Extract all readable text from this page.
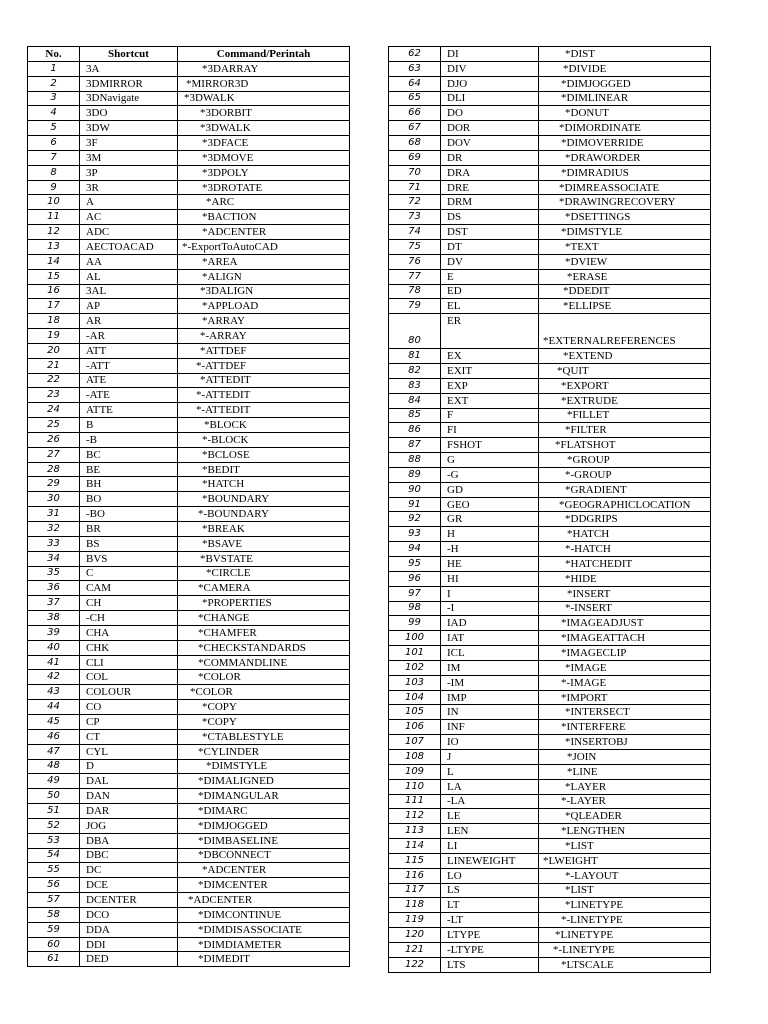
No.	Shortcut	Command/Perintah
1	3A	*3DARRAY
2	3DMIRROR	*MIRROR3D
3	3DNavigate	*3DWALK
4	3DO	*3DORBIT
5	3DW	*3DWALK
6	3F	*3DFACE
7	3M	*3DMOVE
8	3P	*3DPOLY
9	3R	*3DROTATE
10	A	*ARC
11	AC	*BACTION
12	ADC	*ADCENTER
13	AECTOACAD	*-ExportToAutoCAD
14	AA	*AREA
15	AL	*ALIGN
16	3AL	*3DALIGN
17	AP	*APPLOAD
18	AR	*ARRAY
19	-AR	*-ARRAY
20	ATT	*ATTDEF
21	-ATT	*-ATTDEF
22	ATE	*ATTEDIT
23	-ATE	*-ATTEDIT
24	ATTE	*-ATTEDIT
25	B	*BLOCK
26	-B	*-BLOCK
27	BC	*BCLOSE
28	BE	*BEDIT
29	BH	*HATCH
30	BO	*BOUNDARY
31	-BO	*-BOUNDARY
32	BR	*BREAK
33	BS	*BSAVE
34	BVS	*BVSTATE
35	C	*CIRCLE
36	CAM	*CAMERA
37	CH	*PROPERTIES
38	-CH	*CHANGE
39	CHA	*CHAMFER
40	CHK	*CHECKSTANDARDS
41	CLI	*COMMANDLINE
42	COL	*COLOR
43	COLOUR	*COLOR
44	CO	*COPY
45	CP	*COPY
46	CT	*CTABLESTYLE
47	CYL	*CYLINDER
48	D	*DIMSTYLE
49	DAL	*DIMALIGNED
50	DAN	*DIMANGULAR
51	DAR	*DIMARC
52	JOG	*DIMJOGGED
53	DBA	*DIMBASELINE
54	DBC	*DBCONNECT
55	DC	*ADCENTER
56	DCE	*DIMCENTER
57	DCENTER	*ADCENTER
58	DCO	*DIMCONTINUE
59	DDA	*DIMDISASSOCIATE
60	DDI	*DIMDIAMETER
61	DED	*DIMEDIT
62	DI	*DIST
63	DIV	*DIVIDE
64	DJO	*DIMJOGGED
65	DLI	*DIMLINEAR
66	DO	*DONUT
67	DOR	*DIMORDINATE
68	DOV	*DIMOVERRIDE
69	DR	*DRAWORDER
70	DRA	*DIMRADIUS
71	DRE	*DIMREASSOCIATE
72	DRM	*DRAWINGRECOVERY
73	DS	*DSETTINGS
74	DST	*DIMSTYLE
75	DT	*TEXT
76	DV	*DVIEW
77	E	*ERASE
78	ED	*DDEDIT
79	EL	*ELLIPSE
80	ER	*EXTERNALREFERENCES
81	EX	*EXTEND
82	EXIT	*QUIT
83	EXP	*EXPORT
84	EXT	*EXTRUDE
85	F	*FILLET
86	FI	*FILTER
87	FSHOT	*FLATSHOT
88	G	*GROUP
89	-G	*-GROUP
90	GD	*GRADIENT
91	GEO	*GEOGRAPHICLOCATION
92	GR	*DDGRIPS
93	H	*HATCH
94	-H	*-HATCH
95	HE	*HATCHEDIT
96	HI	*HIDE
97	I	*INSERT
98	-I	*-INSERT
99	IAD	*IMAGEADJUST
100	IAT	*IMAGEATTACH
101	ICL	*IMAGECLIP
102	IM	*IMAGE
103	-IM	*-IMAGE
104	IMP	*IMPORT
105	IN	*INTERSECT
106	INF	*INTERFERE
107	IO	*INSERTOBJ
108	J	*JOIN
109	L	*LINE
110	LA	*LAYER
111	-LA	*-LAYER
112	LE	*QLEADER
113	LEN	*LENGTHEN
114	LI	*LIST
115	LINEWEIGHT	*LWEIGHT
116	LO	*-LAYOUT
117	LS	*LIST
118	LT	*LINETYPE
119	-LT	*-LINETYPE
120	LTYPE	*LINETYPE
121	-LTYPE	*-LINETYPE
122	LTS	*LTSCALE
